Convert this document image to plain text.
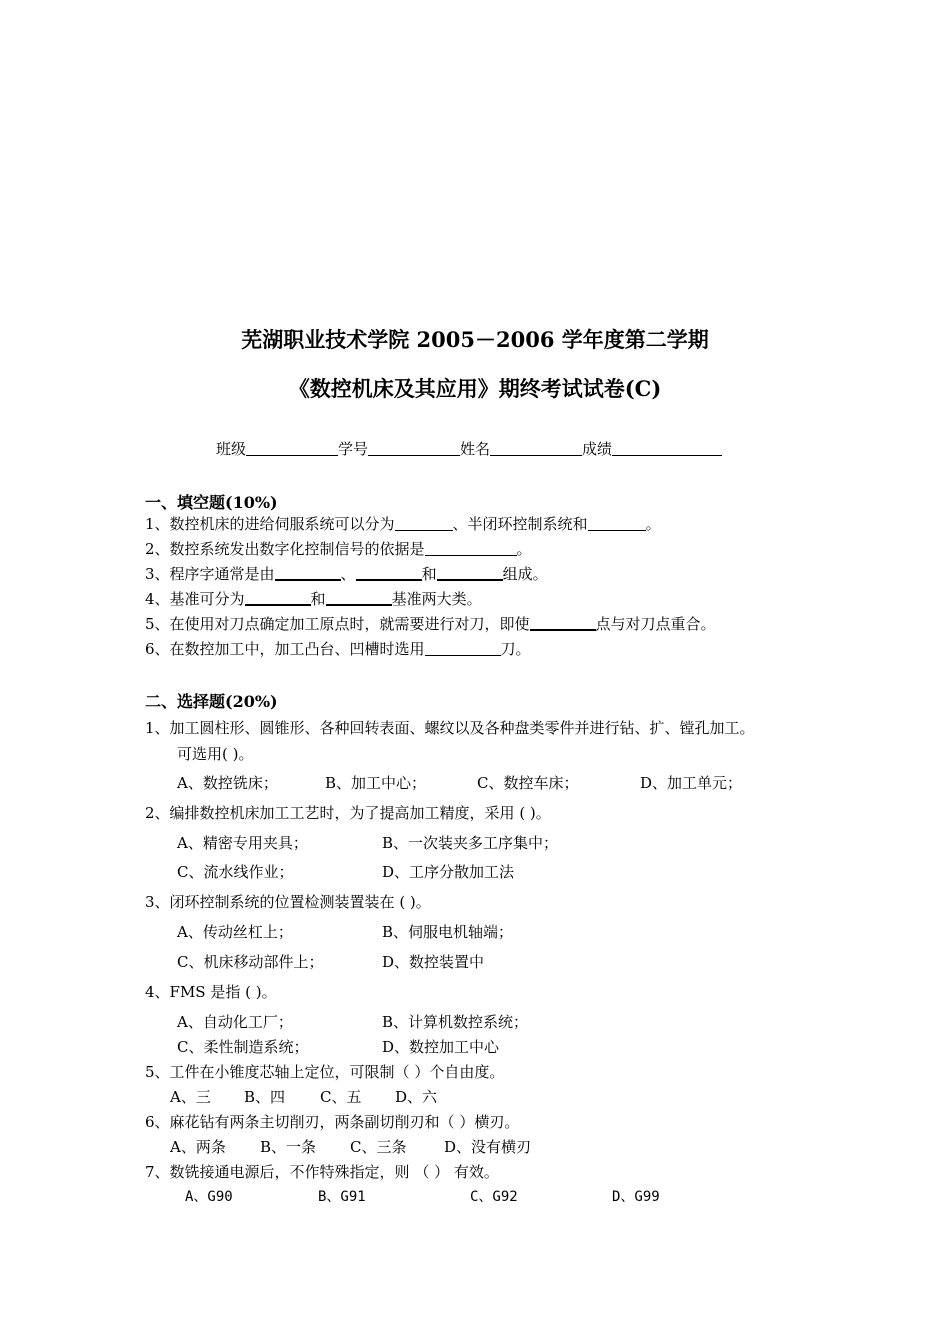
芜湖职业技术学院 2005－2006 学年度第二学期
《数控机床及其应用》期终考试试卷(C)
班级	学号	姓名	成绩
一、填空题(10%)
1、数控机床的进给伺服系统可以分为	、半闭环控制系统和	。
2、数控系统发出数字化控制信号的依据是	。
3、程序字通常是由	、	和	组成。
4、基准可分为	和	基准两大类。
5、在使用对刀点确定加工原点时，就需要进行对刀，即使	点与对刀点重合。
6、在数控加工中，加工凸台、凹槽时选用	刀。
二、选择题(20%)
1、加工圆柱形、圆锥形、各种回转表面、螺纹以及各种盘类零件并进行钻、扩、镗孔加工。
可选用( )。
A、数控铣床；	B、加工中心；	C、数控车床；	D、加工单元；
2、编排数控机床加工工艺时，为了提高加工精度，采用 ( )。
A、精密专用夹具；	B、一次装夹多工序集中；
C、流水线作业；	D、工序分散加工法
3、闭环控制系统的位置检测装置装在 ( )。
A、传动丝杠上；	B、伺服电机轴端；
C、机床移动部件上；	D、数控装置中
4、FMS 是指 ( )。
A、自动化工厂；	B、计算机数控系统；
C、柔性制造系统；	D、数控加工中心
5、工件在小锥度芯轴上定位，可限制（ ）个自由度。
A、三 B、四 C、五 D、六
6、麻花钻有两条主切削刃，两条副切削刃和（ ）横刃。
A、两条 B、一条 C、三条	D、没有横刃
7、数铣接通电源后，不作特殊指定，则 （ ） 有效。
A、G90	B、G91	C、G92	D、G99
